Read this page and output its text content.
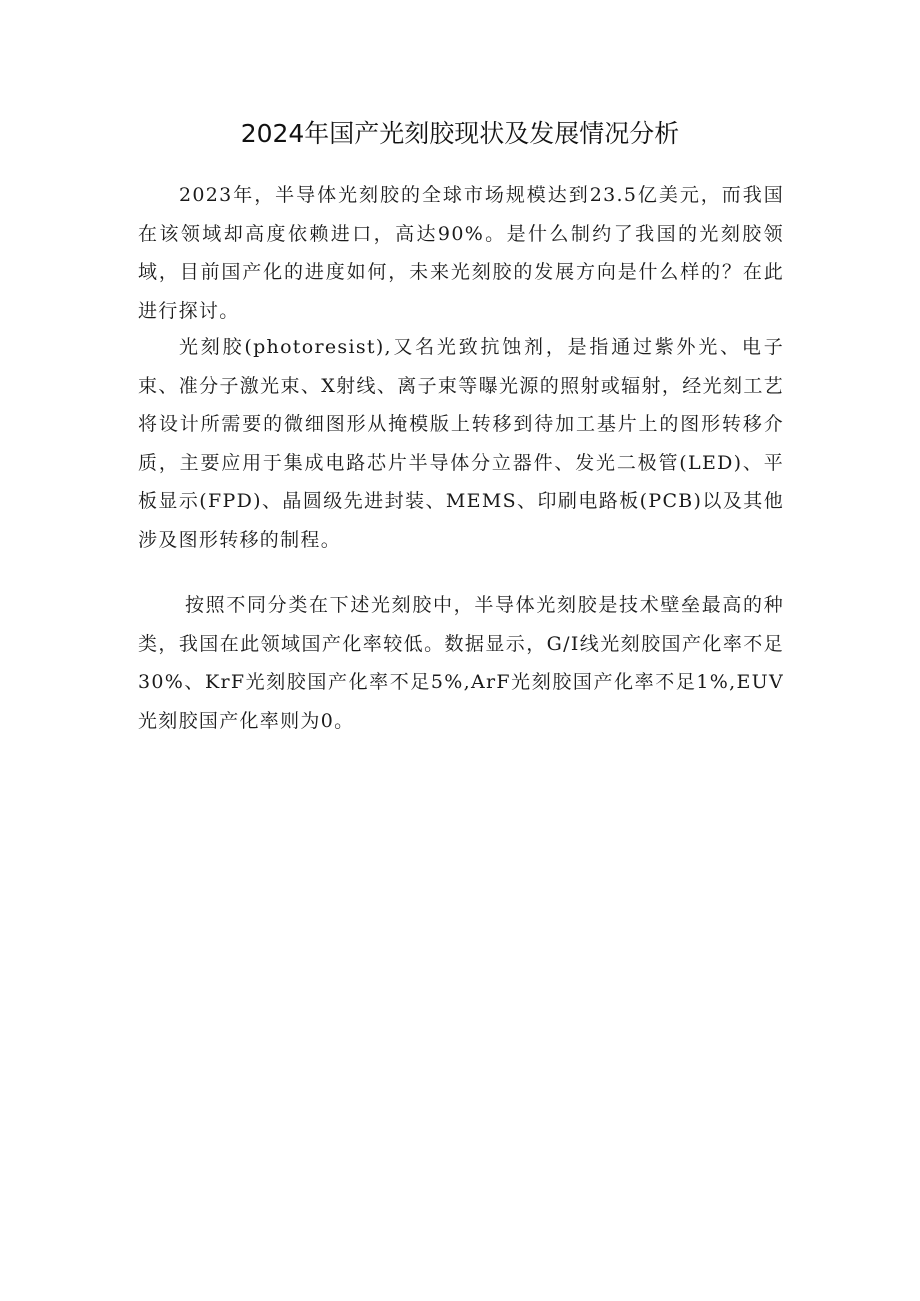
2024年国产光刻胶现状及发展情况分析

2023年，半导体光刻胶的全球市场规模达到23.5亿美元，而我国在该领域却高度依赖进口，高达90%。是什么制约了我国的光刻胶领域，目前国产化的进度如何，未来光刻胶的发展方向是什么样的？在此进行探讨。

光刻胶(photoresist),又名光致抗蚀剂，是指通过紫外光、电子束、准分子激光束、X射线、离子束等曝光源的照射或辐射，经光刻工艺将设计所需要的微细图形从掩模版上转移到待加工基片上的图形转移介质，主要应用于集成电路芯片半导体分立器件、发光二极管(LED)、平板显示(FPD)、晶圆级先进封装、MEMS、印刷电路板(PCB)以及其他涉及图形转移的制程。

按照不同分类在下述光刻胶中，半导体光刻胶是技术壁垒最高的种类，我国在此领域国产化率较低。数据显示，G/I线光刻胶国产化率不足30%、KrF光刻胶国产化率不足5%,ArF光刻胶国产化率不足1%,EUV光刻胶国产化率则为0。
